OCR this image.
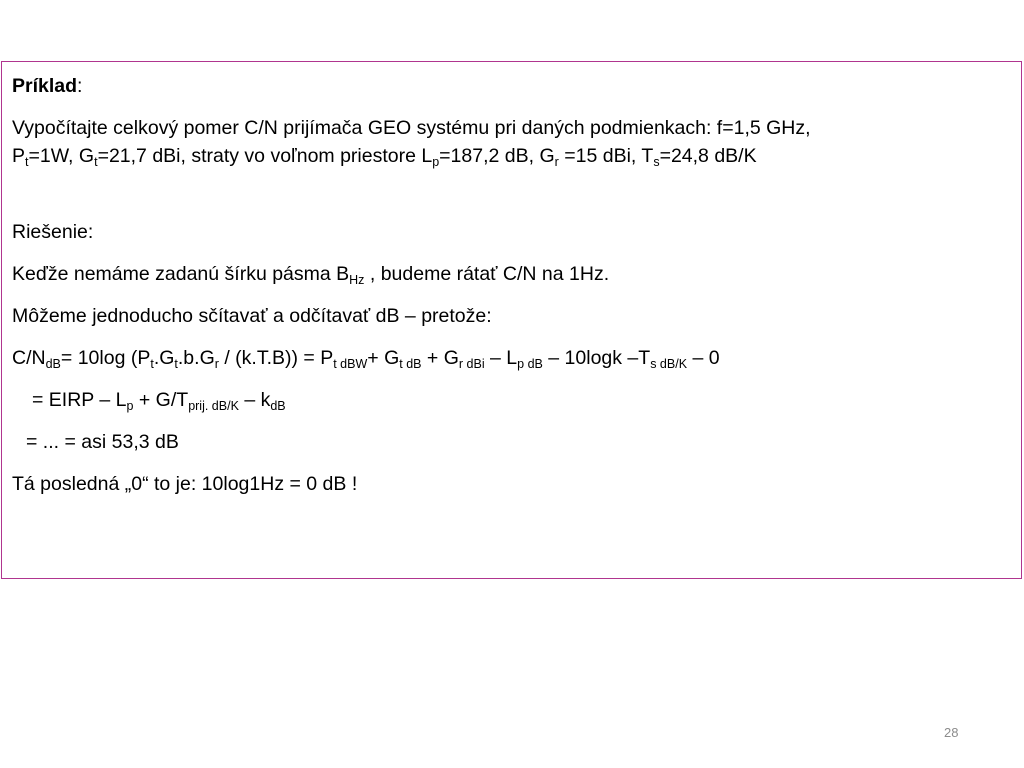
Príklad:

Vypočítajte celkový pomer C/N prijímača GEO systému pri daných podmienkach: f=1,5 GHz,

$P_t=1W$, $G_t=21,7$ dBi, straty vo voľnom priestore $L_p=187,2$ dB, $G_r =15$ dBi, $T_s=24,8$ dB/K

Riešenie:

Keďže nemáme zadanú šírku pásma $B_{Hz}$ , budeme rátať C/N na 1Hz.

Môžeme jednoducho sčítavať a odčítavať dB – pretože:

$C/N_{dB}= 10\log$ $(P_t.G_t.b.G_r / (k.T.B)) = P_{t dBW}+ G_{t dB} + G_{r dBi} - L_{p dB} - 10\log k$ $-T_{s dB/K} - 0$

= EIRP – $L_p + G/T_{prij. dB/K} - k_{dB}$

= ... = asi 53,3 dB

Tá posledná „0“ to je: 10log1Hz = 0 dB !

28
